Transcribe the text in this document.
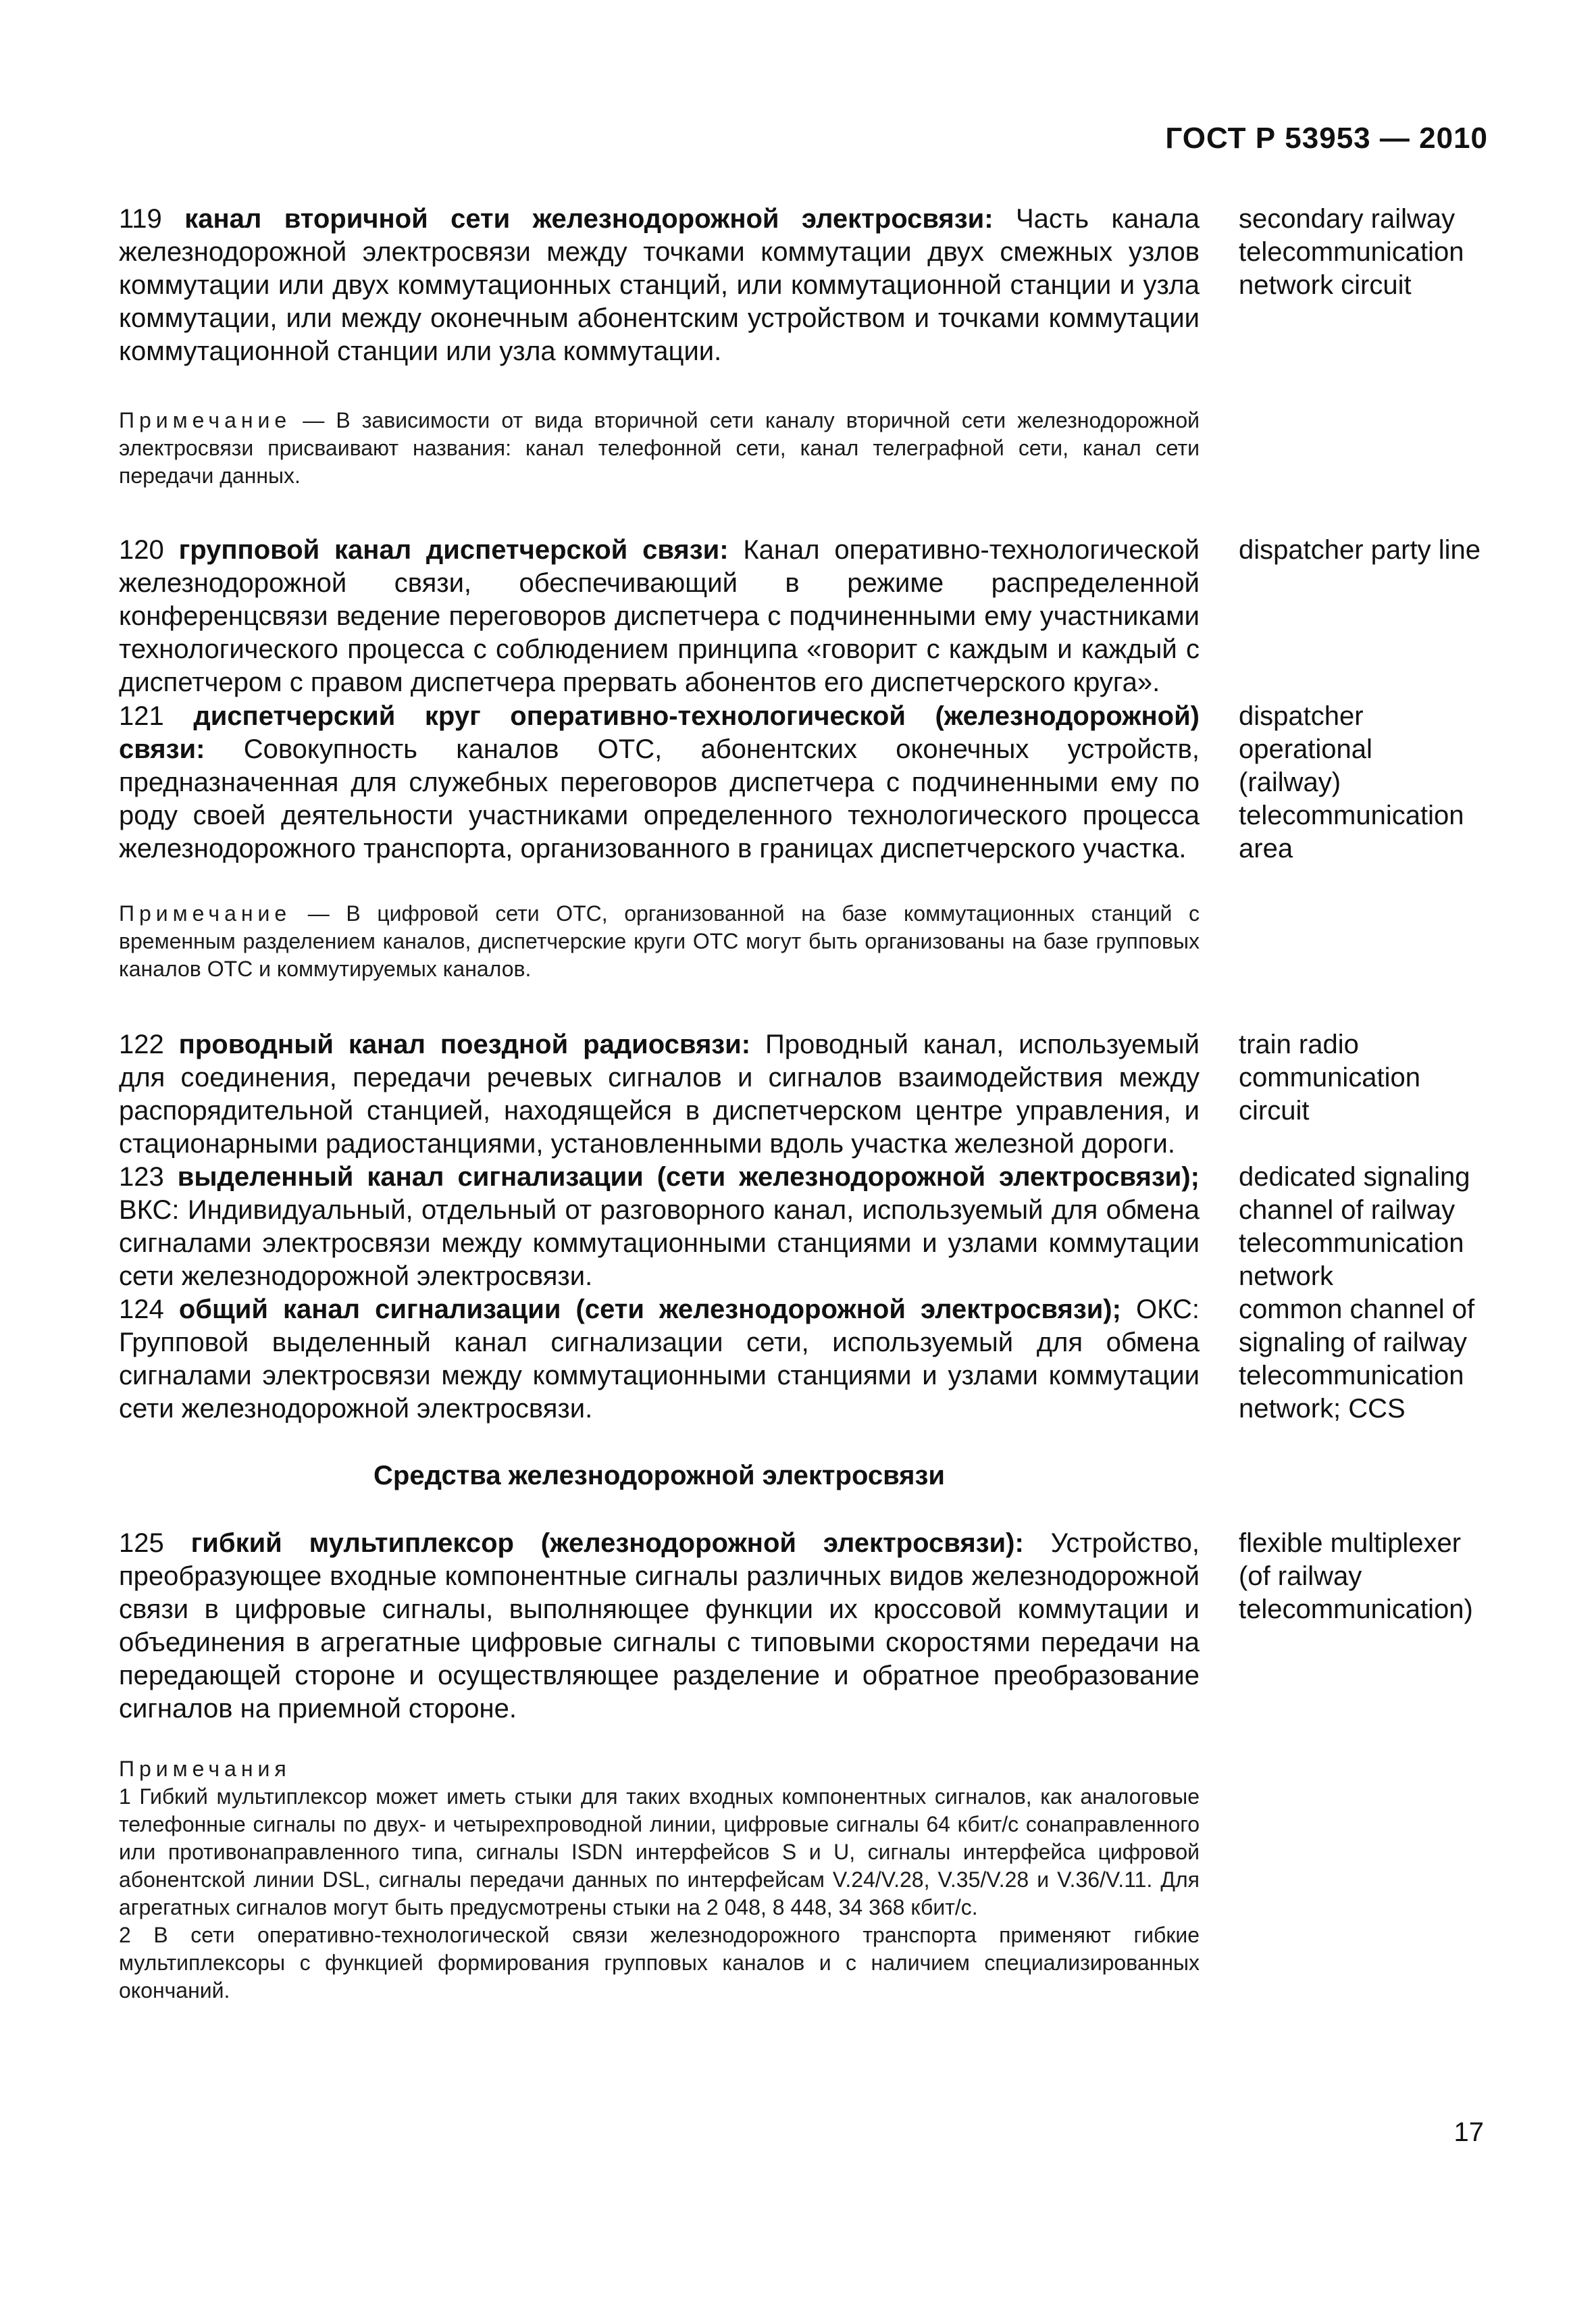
ГОСТ Р 53953 — 2010

119 канал вторичной сети железнодорожной электросвязи: Часть канала железнодорожной электросвязи между точками коммутации двух смежных узлов коммутации или двух коммутационных станций, или коммутационной станции и узла коммутации, или между оконечным абонентским устройством и точками коммутации коммутационной станции или узла коммутации.

secondary railway telecommunication network circuit

Примечание — В зависимости от вида вторичной сети каналу вторичной сети железнодорожной электросвязи присваивают названия: канал телефонной сети, канал телеграфной сети, канал сети передачи данных.

120 групповой канал диспетчерской связи: Канал оперативно-технологической железнодорожной связи, обеспечивающий в режиме распределенной конференцсвязи ведение переговоров диспетчера с подчиненными ему участниками технологического процесса с соблюдением принципа «говорит с каждым и каждый с диспетчером с правом диспетчера прервать абонентов его диспетчерского круга».

dispatcher party line

121 диспетчерский круг оперативно-технологической (железнодорожной) связи: Совокупность каналов ОТС, абонентских оконечных устройств, предназначенная для служебных переговоров диспетчера с подчиненными ему по роду своей деятельности участниками определенного технологического процесса железнодорожного транспорта, организованного в границах диспетчерского участка.

dispatcher operational (railway) telecommunication area

Примечание — В цифровой сети ОТС, организованной на базе коммутационных станций с временным разделением каналов, диспетчерские круги ОТС могут быть организованы на базе групповых каналов ОТС и коммутируемых каналов.

122 проводный канал поездной радиосвязи: Проводный канал, используемый для соединения, передачи речевых сигналов и сигналов взаимодействия между распорядительной станцией, находящейся в диспетчерском центре управления, и стационарными радиостанциями, установленными вдоль участка железной дороги.

train radio communication circuit

123 выделенный канал сигнализации (сети железнодорожной электросвязи); ВКС: Индивидуальный, отдельный от разговорного канал, используемый для обмена сигналами электросвязи между коммутационными станциями и узлами коммутации сети железнодорожной электросвязи.

dedicated signaling channel of railway telecommunication network

124 общий канал сигнализации (сети железнодорожной электросвязи); ОКС: Групповой выделенный канал сигнализации сети, используемый для обмена сигналами электросвязи между коммутационными станциями и узлами коммутации сети железнодорожной электросвязи.

common channel of signaling of railway telecommunication network; CCS
Средства железнодорожной электросвязи

125 гибкий мультиплексор (железнодорожной электросвязи): Устройство, преобразующее входные компонентные сигналы различных видов железнодорожной связи в цифровые сигналы, выполняющее функции их кроссовой коммутации и объединения в агрегатные цифровые сигналы с типовыми скоростями передачи на передающей стороне и осуществляющее разделение и обратное преобразование сигналов на приемной стороне.

flexible multiplexer (of railway telecommunication)

Примечания

1 Гибкий мультиплексор может иметь стыки для таких входных компонентных сигналов, как аналоговые телефонные сигналы по двух- и четырехпроводной линии, цифровые сигналы 64 кбит/с сонаправленного или противонаправленного типа, сигналы ISDN интерфейсов S и U, сигналы интерфейса цифровой абонентской линии DSL, сигналы передачи данных по интерфейсам V.24/V.28, V.35/V.28 и V.36/V.11. Для агрегатных сигналов могут быть предусмотрены стыки на 2 048, 8 448, 34 368 кбит/с.

2 В сети оперативно-технологической связи железнодорожного транспорта применяют гибкие мультиплексоры с функцией формирования групповых каналов и с наличием специализированных окончаний.

17
